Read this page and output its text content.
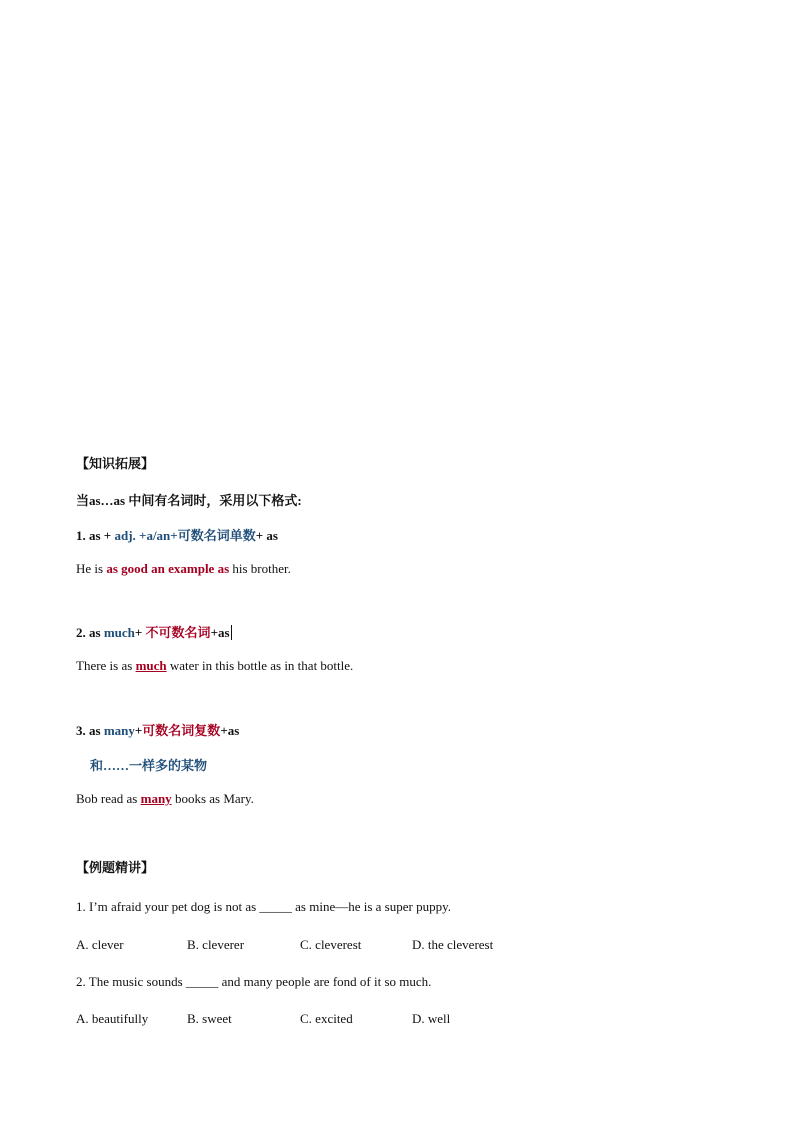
【知识拓展】
当as…as 中间有名词时，采用以下格式:
1. as + adj. +a/an+可数名词单数+ as
He is as good an example as his brother.
2. as much+ 不可数名词+as
There is as much water in this bottle as in that bottle.
3. as many+可数名词复数+as
和……一样多的某物
Bob read as many books as Mary.
【例题精讲】
1. I’m afraid your pet dog is not as _____ as mine—he is a super puppy.
A. clever	B. cleverer	C. cleverest	D. the cleverest
2. The music sounds _____ and many people are fond of it so much.
A. beautifully	B. sweet	C. excited	D. well
